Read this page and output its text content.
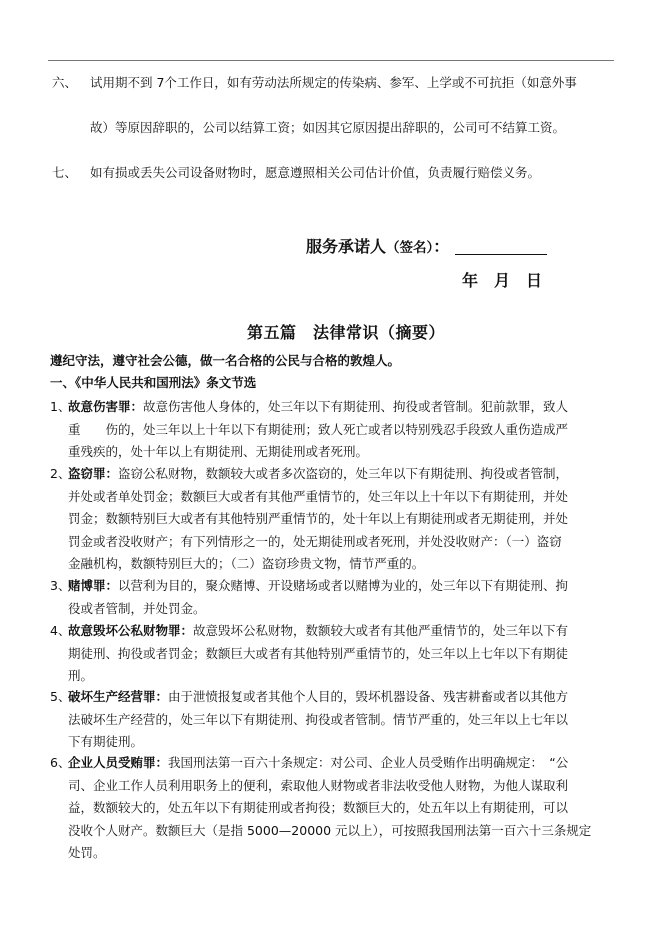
六、 试用期不到 7个工作日，如有劳动法所规定的传染病、参军、上学或不可抗拒（如意外事
故）等原因辞职的，公司以结算工资；如因其它原因提出辞职的，公司可不结算工资。
七、 如有损或丢失公司设备财物时，愿意遵照相关公司估计价值，负责履行赔偿义务。
服务承诺人（签名）：
年　月　日
第五篇　法律常识（摘要）
遵纪守法，遵守社会公德，做一名合格的公民与合格的敦煌人。
一、《中华人民共和国刑法》条文节选
1、
故意伤害罪：故意伤害他人身体的，处三年以下有期徒刑、拘役或者管制。犯前款罪，致人
重　　伤的，处三年以上十年以下有期徒刑；致人死亡或者以特别残忍手段致人重伤造成严
重残疾的，处十年以上有期徒刑、无期徒刑或者死刑。
2、
盗窃罪：盗窃公私财物，数额较大或者多次盗窃的，处三年以下有期徒刑、拘役或者管制，
并处或者单处罚金；数额巨大或者有其他严重情节的，处三年以上十年以下有期徒刑，并处
罚金；数额特别巨大或者有其他特别严重情节的，处十年以上有期徒刑或者无期徒刑，并处
罚金或者没收财产；有下列情形之一的，处无期徒刑或者死刑，并处没收财产：（一）盗窃
金融机构，数额特别巨大的；（二）盗窃珍贵文物，情节严重的。
3、
赌博罪：以营利为目的，聚众赌博、开设赌场或者以赌博为业的，处三年以下有期徒刑、拘
役或者管制，并处罚金。
4、
故意毁坏公私财物罪：故意毁坏公私财物，数额较大或者有其他严重情节的，处三年以下有
期徒刑、拘役或者罚金；数额巨大或者有其他特别严重情节的，处三年以上七年以下有期徒
刑。
5、
破坏生产经营罪：由于泄愤报复或者其他个人目的，毁坏机器设备、残害耕畜或者以其他方
法破坏生产经营的，处三年以下有期徒刑、拘役或者管制。情节严重的，处三年以上七年以
下有期徒刑。
6、
企业人员受贿罪：我国刑法第一百六十条规定：对公司、企业人员受贿作出明确规定：　“公
司、企业工作人员利用职务上的便利，索取他人财物或者非法收受他人财物，为他人谋取利
益，数额较大的，处五年以下有期徒刑或者拘役；数额巨大的，处五年以上有期徒刑，可以
没收个人财产。数额巨大（是指 5000—20000 元以上），可按照我国刑法第一百六十三条规定
处罚。
